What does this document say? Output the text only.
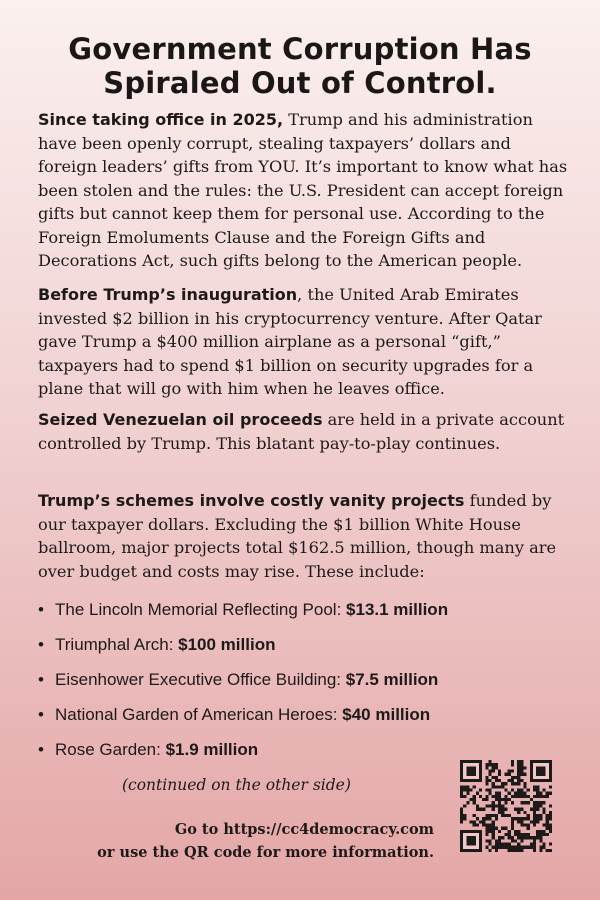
Government Corruption Has
Spiraled Out of Control.

Since taking office in 2025, Trump and his administration have been openly corrupt, stealing taxpayers’ dollars and foreign leaders’ gifts from YOU. It’s important to know what has been stolen and the rules: the U.S. President can accept foreign gifts but cannot keep them for personal use. According to the Foreign Emoluments Clause and the Foreign Gifts and Decorations Act, such gifts belong to the American people.

Before Trump’s inauguration, the United Arab Emirates invested $2 billion in his cryptocurrency venture. After Qatar gave Trump a $400 million airplane as a personal “gift,” taxpayers had to spend $1 billion on security upgrades for a plane that will go with him when he leaves office.

Seized Venezuelan oil proceeds are held in a private account controlled by Trump. This blatant pay-to-play continues.

Trump’s schemes involve costly vanity projects funded by our taxpayer dollars. Excluding the $1 billion White House ballroom, major projects total $162.5 million, though many are over budget and costs may rise. These include:

• The Lincoln Memorial Reflecting Pool: $13.1 million
• Triumphal Arch: $100 million
• Eisenhower Executive Office Building: $7.5 million
• National Garden of American Heroes: $40 million
• Rose Garden: $1.9 million
(continued on the other side)
Go to https://cc4democracy.com
or use the QR code for more information.
